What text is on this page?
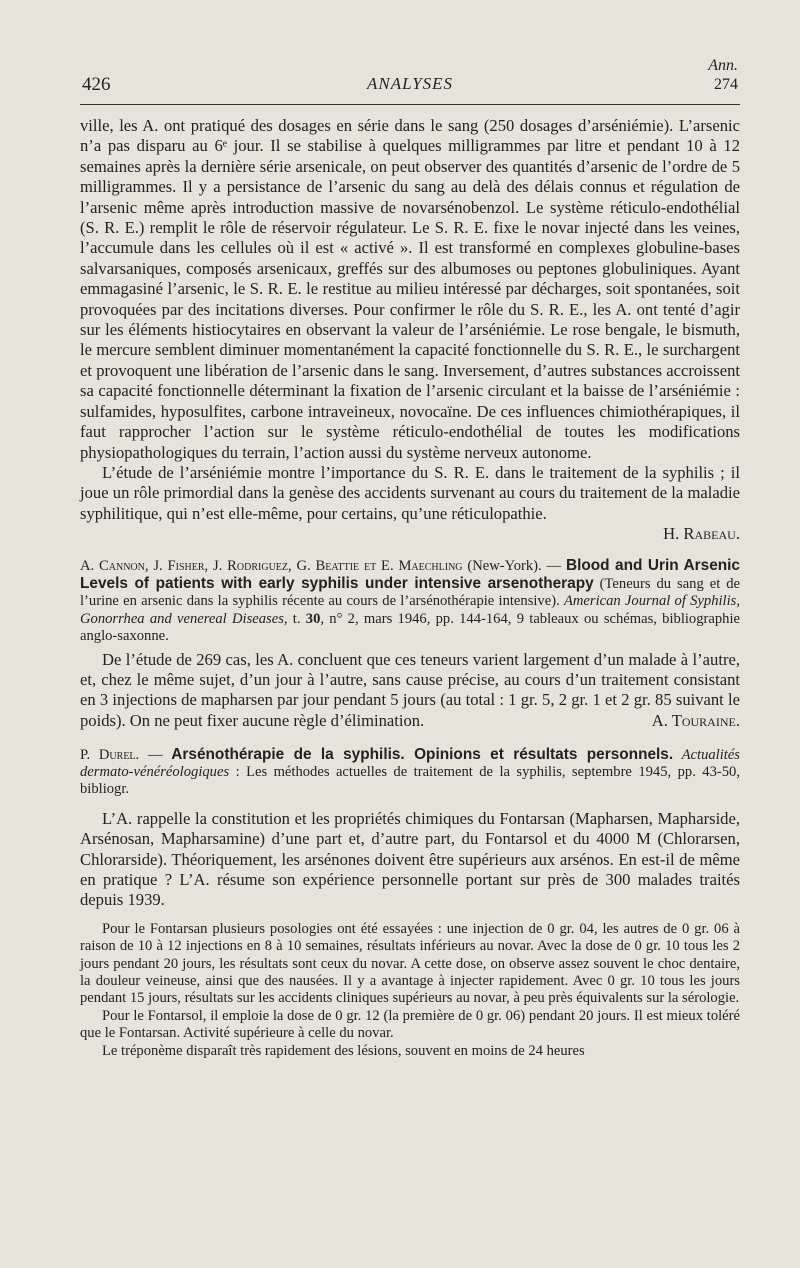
426	ANALYSES
Ann.
274

ville, les A. ont pratiqué des dosages en série dans le sang (250 dosages d’arséniémie). L’arsenic n’a pas disparu au 6ᵉ jour. Il se stabilise à quelques milligrammes par litre et pendant 10 à 12 semaines après la dernière série arsenicale, on peut observer des quantités d’arsenic de l’ordre de 5 milligrammes. Il y a persistance de l’arsenic du sang au delà des délais connus et régulation de l’arsenic même après introduction massive de novarsénobenzol. Le système réticulo-endothélial (S. R. E.) remplit le rôle de réservoir régulateur. Le S. R. E. fixe le novar injecté dans les veines, l’accumule dans les cellules où il est « activé ». Il est transformé en complexes globuline-bases salvarsaniques, composés arsenicaux, greffés sur des albumoses ou peptones globuliniques. Ayant emmagasiné l’arsenic, le S. R. E. le restitue au milieu intéressé par décharges, soit spontanées, soit provoquées par des incitations diverses. Pour confirmer le rôle du S. R. E., les A. ont tenté d’agir sur les éléments histiocytaires en observant la valeur de l’arséniémie. Le rose bengale, le bismuth, le mercure semblent diminuer momentanément la capacité fonctionnelle du S. R. E., le surchargent et provoquent une libération de l’arsenic dans le sang. Inversement, d’autres substances accroissent sa capacité fonctionnelle déterminant la fixation de l’arsenic circulant et la baisse de l’arséniémie : sulfamides, hyposulfites, carbone intraveineux, novocaïne. De ces influences chimiothérapiques, il faut rapprocher l’action sur le système réticulo-endothélial de toutes les modifications physiopathologiques du terrain, l’action aussi du système nerveux autonome.

L’étude de l’arséniémie montre l’importance du S. R. E. dans le traitement de la syphilis ; il joue un rôle primordial dans la genèse des accidents survenant au cours du traitement de la maladie syphilitique, qui n’est elle-même, pour certains, qu’une réticulopathie.

H. Rabeau.

A. Cannon, J. Fisher, J. Rodriguez, G. Beattie et E. Maechling (New-York). — Blood and Urin Arsenic Levels of patients with early syphilis under intensive arsenotherapy (Teneurs du sang et de l’urine en arsenic dans la syphilis récente au cours de l’arsénothérapie intensive). American Journal of Syphilis, Gonorrhea and venereal Diseases, t. 30, n° 2, mars 1946, pp. 144-164, 9 tableaux ou schémas, bibliographie anglo-saxonne.

De l’étude de 269 cas, les A. concluent que ces teneurs varient largement d’un malade à l’autre, et, chez le même sujet, d’un jour à l’autre, sans cause précise, au cours d’un traitement consistant en 3 injections de mapharsen par jour pendant 5 jours (au total : 1 gr. 5, 2 gr. 1 et 2 gr. 85 suivant le poids). On ne peut fixer aucune règle d’élimination.	A. Touraine.

P. Durel. — Arsénothérapie de la syphilis. Opinions et résultats personnels. Actualités dermato-vénéréologiques : Les méthodes actuelles de traitement de la syphilis, septembre 1945, pp. 43-50, bibliogr.

L’A. rappelle la constitution et les propriétés chimiques du Fontarsan (Mapharsen, Mapharside, Arsénosan, Mapharsamine) d’une part et, d’autre part, du Fontarsol et du 4000 M (Chlorarsen, Chlorarside). Théoriquement, les arsénones doivent être supérieurs aux arsénos. En est-il de même en pratique ? L’A. résume son expérience personnelle portant sur près de 300 malades traités depuis 1939.

Pour le Fontarsan plusieurs posologies ont été essayées : une injection de 0 gr. 04, les autres de 0 gr. 06 à raison de 10 à 12 injections en 8 à 10 semaines, résultats inférieurs au novar. Avec la dose de 0 gr. 10 tous les 2 jours pendant 20 jours, les résultats sont ceux du novar. A cette dose, on observe assez souvent le choc dentaire, la douleur veineuse, ainsi que des nausées. Il y a avantage à injecter rapidement. Avec 0 gr. 10 tous les jours pendant 15 jours, résultats sur les accidents cliniques supérieurs au novar, à peu près équivalents sur la sérologie.

Pour le Fontarsol, il emploie la dose de 0 gr. 12 (la première de 0 gr. 06) pendant 20 jours. Il est mieux toléré que le Fontarsan. Activité supérieure à celle du novar.

Le tréponème disparaît très rapidement des lésions, souvent en moins de 24 heures
